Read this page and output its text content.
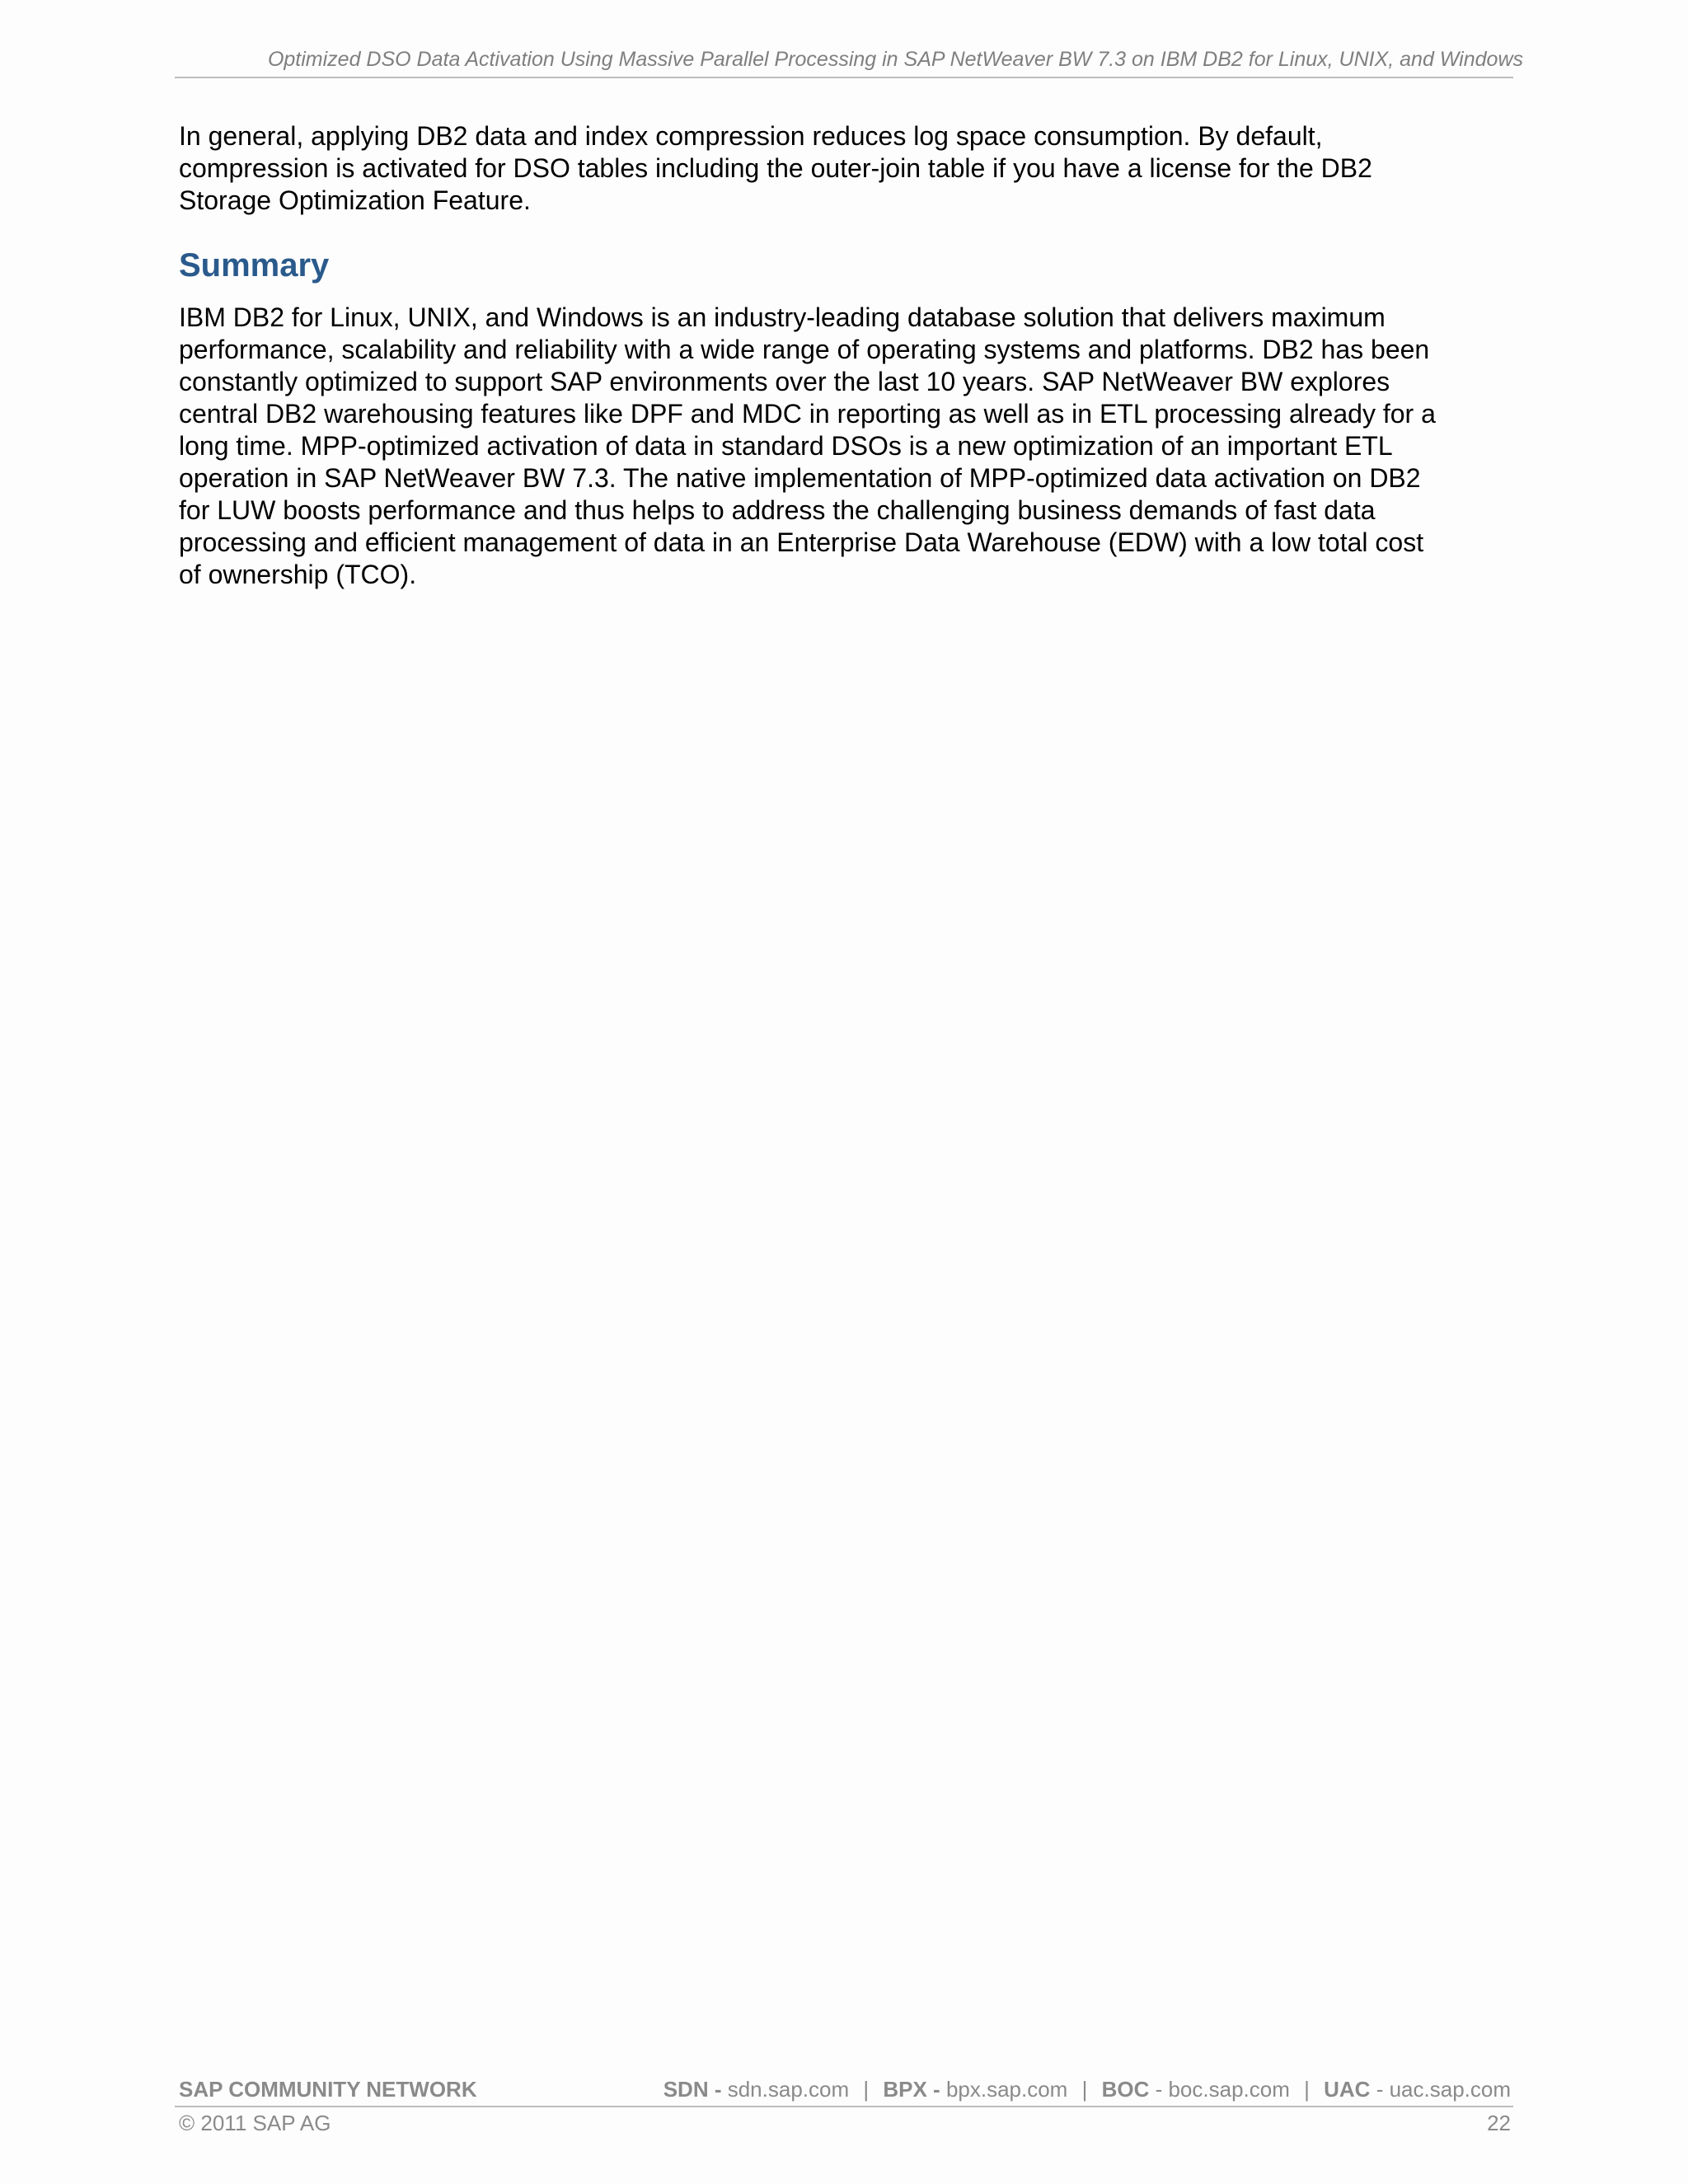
Optimized DSO Data Activation Using Massive Parallel Processing in SAP NetWeaver BW 7.3 on IBM DB2 for Linux, UNIX, and Windows

In general, applying DB2 data and index compression reduces log space consumption. By default,
compression is activated for DSO tables including the outer-join table if you have a license for the DB2
Storage Optimization Feature.

Summary

IBM DB2 for Linux, UNIX, and Windows is an industry-leading database solution that delivers maximum
performance, scalability and reliability with a wide range of operating systems and platforms. DB2 has been
constantly optimized to support SAP environments over the last 10 years. SAP NetWeaver BW explores
central DB2 warehousing features like DPF and MDC in reporting as well as in ETL processing already for a
long time. MPP-optimized activation of data in standard DSOs is a new optimization of an important ETL
operation in SAP NetWeaver BW 7.3. The native implementation of MPP-optimized data activation on DB2
for LUW boosts performance and thus helps to address the challenging business demands of fast data
processing and efficient management of data in an Enterprise Data Warehouse (EDW) with a low total cost
of ownership (TCO).

SAP COMMUNITY NETWORK	SDN - sdn.sap.com | BPX - bpx.sap.com | BOC - boc.sap.com | UAC - uac.sap.com
© 2011 SAP AG	22
